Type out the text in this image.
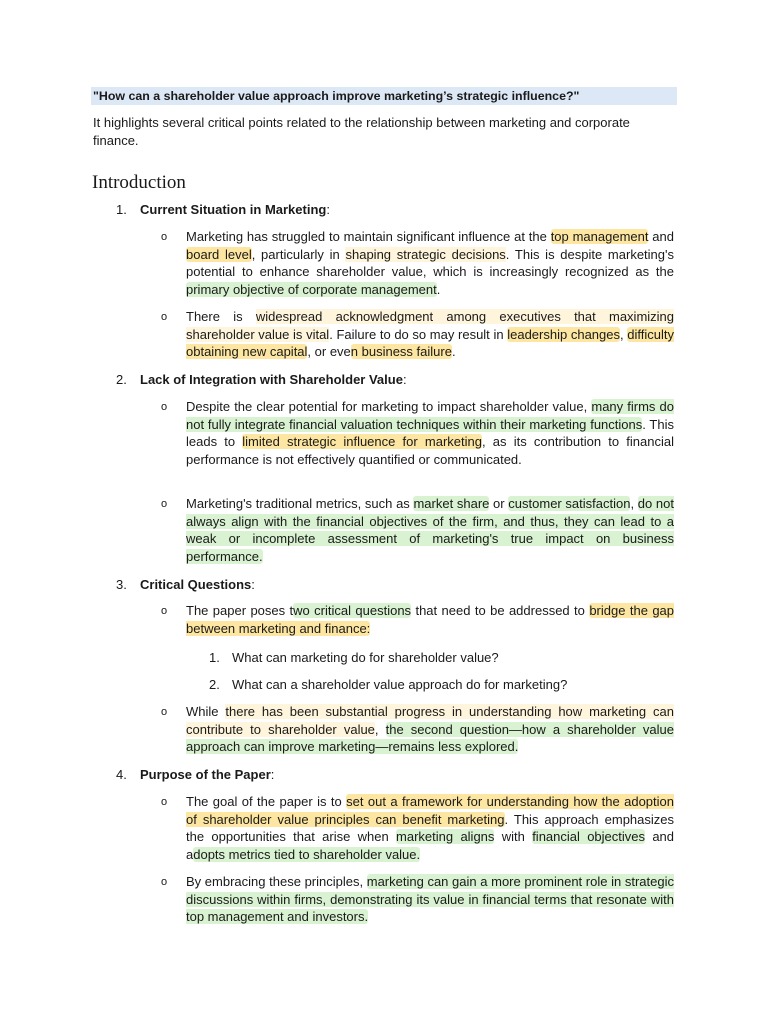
"How can a shareholder value approach improve marketing’s strategic influence?"
It highlights several critical points related to the relationship between marketing and corporate finance.
Introduction
1. Current Situation in Marketing:
o Marketing has struggled to maintain significant influence at the top management and board level, particularly in shaping strategic decisions. This is despite marketing's potential to enhance shareholder value, which is increasingly recognized as the primary objective of corporate management.
o There is widespread acknowledgment among executives that maximizing shareholder value is vital. Failure to do so may result in leadership changes, difficulty obtaining new capital, or even business failure.
2. Lack of Integration with Shareholder Value:
o Despite the clear potential for marketing to impact shareholder value, many firms do not fully integrate financial valuation techniques within their marketing functions. This leads to limited strategic influence for marketing, as its contribution to financial performance is not effectively quantified or communicated.
o Marketing's traditional metrics, such as market share or customer satisfaction, do not always align with the financial objectives of the firm, and thus, they can lead to a weak or incomplete assessment of marketing's true impact on business performance.
3. Critical Questions:
o The paper poses two critical questions that need to be addressed to bridge the gap between marketing and finance:
1. What can marketing do for shareholder value?
2. What can a shareholder value approach do for marketing?
o While there has been substantial progress in understanding how marketing can contribute to shareholder value, the second question—how a shareholder value approach can improve marketing—remains less explored.
4. Purpose of the Paper:
o The goal of the paper is to set out a framework for understanding how the adoption of shareholder value principles can benefit marketing. This approach emphasizes the opportunities that arise when marketing aligns with financial objectives and adopts metrics tied to shareholder value.
o By embracing these principles, marketing can gain a more prominent role in strategic discussions within firms, demonstrating its value in financial terms that resonate with top management and investors.
